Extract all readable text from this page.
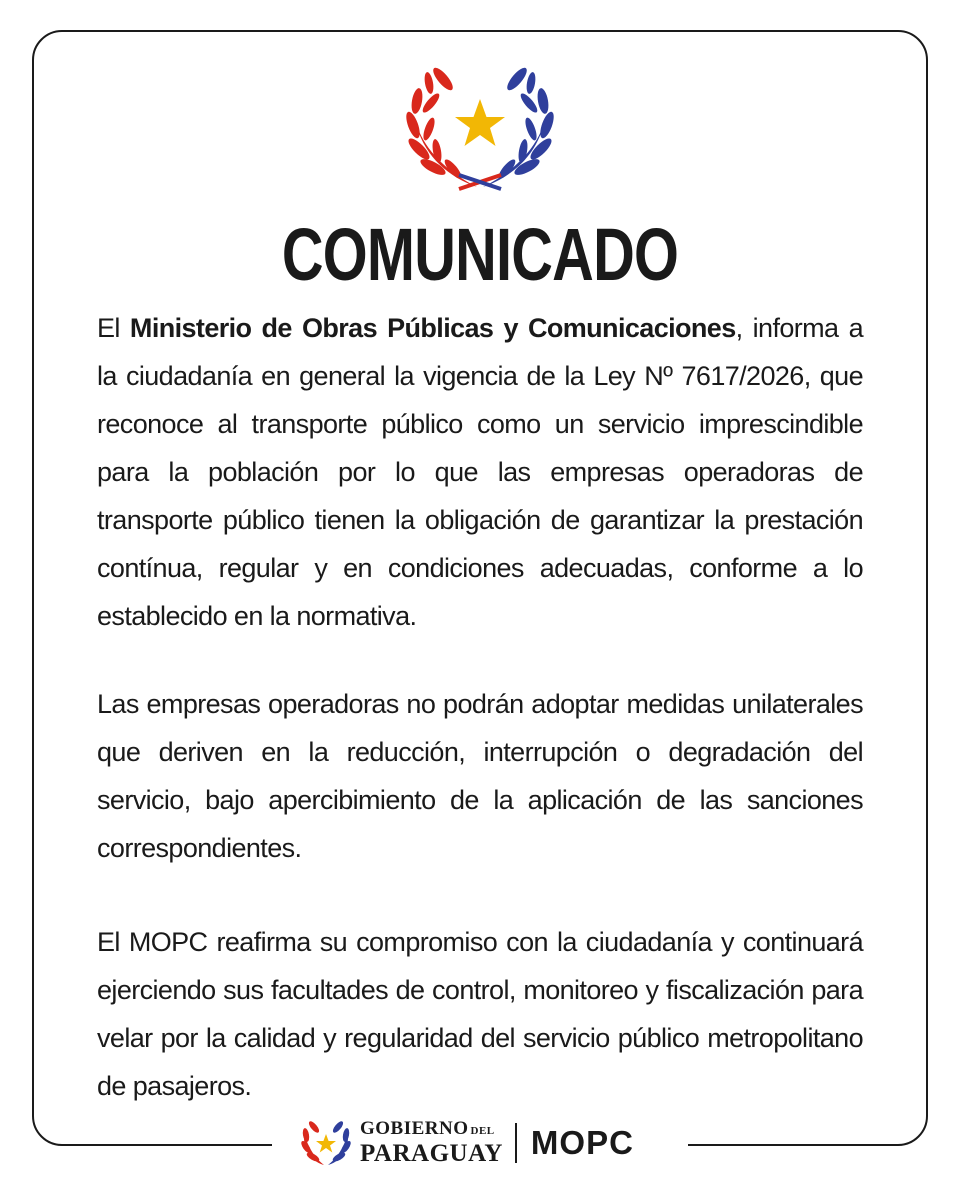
COMUNICADO
El Ministerio de Obras Públicas y Comunicaciones, informa a la ciudadanía en general la vigencia de la Ley Nº 7617/2026, que reconoce al transporte público como un servicio imprescindible para la población por lo que las empresas operadoras de transporte público tienen la obligación de garantizar la prestación contínua, regular y en condiciones adecuadas, conforme a lo establecido en la normativa.
Las empresas operadoras no podrán adoptar medidas unilaterales que deriven en la reducción, interrupción o degradación del servicio, bajo apercibimiento de la aplicación de las sanciones correspondientes.
El MOPC reafirma su compromiso con la ciudadanía y continuará ejerciendo sus facultades de control, monitoreo y fiscalización para velar por la calidad y regularidad del servicio público metropolitano de pasajeros.
GOBIERNO DEL
PARAGUAY MOPC
